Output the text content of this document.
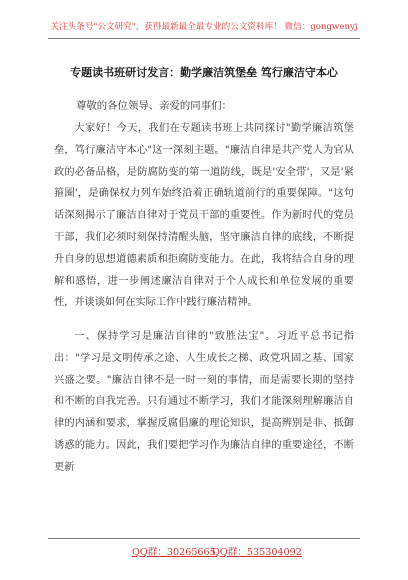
关注头条号"公文研究"，获得最新最全最专业的公文资料库！ 微信：gongwenyj
专题读书班研讨发言：勤学廉洁筑堡垒 笃行廉洁守本心
尊敬的各位领导、亲爱的同事们：

大家好！今天，我们在专题读书班上共同探讨"勤学廉洁筑堡垒，笃行廉洁守本心"这一深刻主题。"廉洁自律是共产党人为官从政的必备品格，是防腐防变的第一道防线，既是'安全带'，又是'紧箍圈'，是确保权力列车始终沿着正确轨道前行的重要保障。"这句话深刻揭示了廉洁自律对于党员干部的重要性。作为新时代的党员干部，我们必须时刻保持清醒头脑，坚守廉洁自律的底线，不断提升自身的思想道德素质和拒腐防变能力。在此，我将结合自身的理解和感悟，进一步阐述廉洁自律对于个人成长和单位发展的重要性，并谈谈如何在实际工作中践行廉洁精神。

一、保持学习是廉洁自律的"致胜法宝"。习近平总书记指出："学习是文明传承之途、人生成长之梯、政党巩固之基、国家兴盛之要。"廉洁自律不是一时一刻的事情，而是需要长期的坚持和不断的自我完善。只有通过不断学习，我们才能深刻理解廉洁自律的内涵和要求，掌握反腐倡廉的理论知识，提高辨别是非、抵御诱惑的能力。因此，我们要把学习作为廉洁自律的重要途径，不断更新

QQ群：30265665
QQ群：535304092
